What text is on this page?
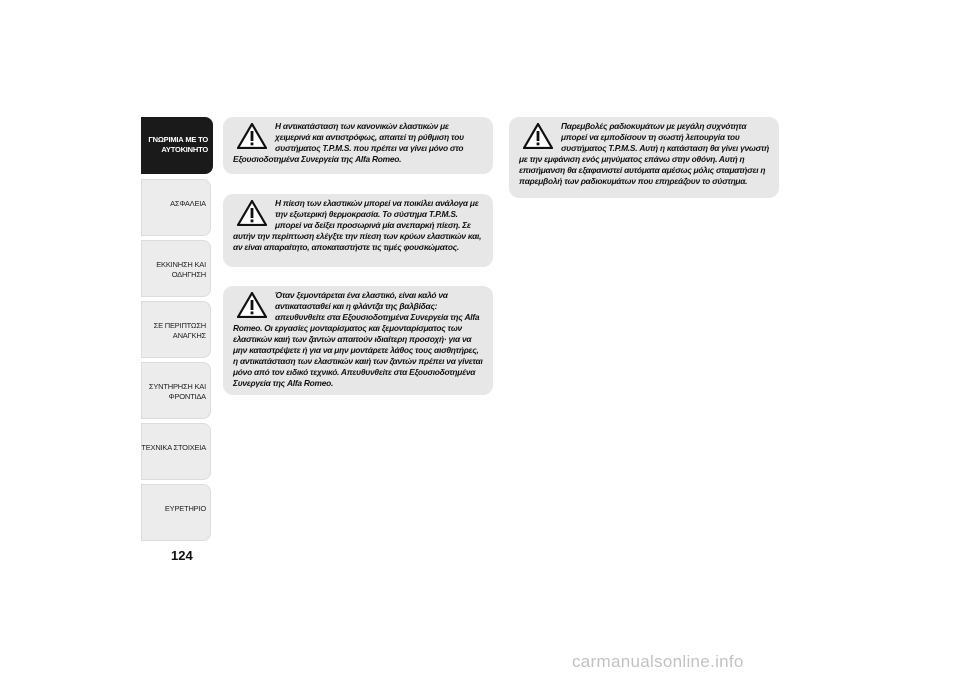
ΓΝΩΡΙΜΙΑ ΜΕ ΤΟ
ΑΥΤΟΚΙΝΗΤΟ
ΑΣΦΑΛΕΙΑ
ΕΚΚΙΝΗΣΗ ΚΑΙ
ΟΔΗΓΗΣΗ
ΣΕ ΠΕΡΙΠΤΩΣΗ
ΑΝΑΓΚΗΣ
ΣΥΝΤΗΡΗΣΗ ΚΑΙ
ΦΡΟΝΤΙΔΑ
ΤΕΧΝΙΚΑ ΣΤΟΙΧΕΙΑ
ΕΥΡΕΤΗΡΙΟ
124

Η αντικατάσταση των κανονικών ελαστικών με χειμερινά και αντιστρόφως, απαιτεί τη ρύθμιση του συστήματος T.P.M.S. που πρέπει να γίνει μόνο στο Εξουσιοδοτημένα Συνεργεία της Alfa Romeo.

Η πίεση των ελαστικών μπορεί να ποικίλει ανάλογα με την εξωτερική θερμοκρασία. Το σύστημα T.P.M.S. μπορεί να δείξει προσωρινά μία ανεπαρκή πίεση. Σε αυτήν την περίπτωση ελέγξτε την πίεση των κρύων ελαστικών και, αν είναι απαραίτητο, αποκαταστήστε τις τιμές φουσκώματος.

Όταν ξεμοντάρεται ένα ελαστικό, είναι καλό να αντικατασταθεί και η φλάντζα της βαλβίδας: απευθυνθείτε στα Εξουσιοδοτημένα Συνεργεία της Alfa Romeo. Οι εργασίες μονταρίσματος και ξεμονταρίσματος των ελαστικών καιή των ζαντών απαιτούν ιδιαίτερη προσοχή· για να μην καταστρέψετε ή για να μην μοντάρετε λάθος τους αισθητήρες, η αντικατάσταση των ελαστικών καιή των ζαντών πρέπει να γίνεται μόνο από τον ειδικό τεχνικό. Απευθυνθείτε στα Εξουσιοδοτημένα Συνεργεία της Alfa Romeo.

Παρεμβολές ραδιοκυμάτων με μεγάλη συχνότητα μπορεί να εμποδίσουν τη σωστή λειτουργία του συστήματος T.P.M.S. Αυτή η κατάσταση θα γίνει γνωστή με την εμφάνιση ενός μηνύματος επάνω στην οθόνη. Αυτή η επισήμανση θα εξαφανιστεί αυτόματα αμέσως μόλις σταματήσει η παρεμβολή των ραδιοκυμάτων που επηρεάζουν το σύστημα.

carmanualsonline.info
